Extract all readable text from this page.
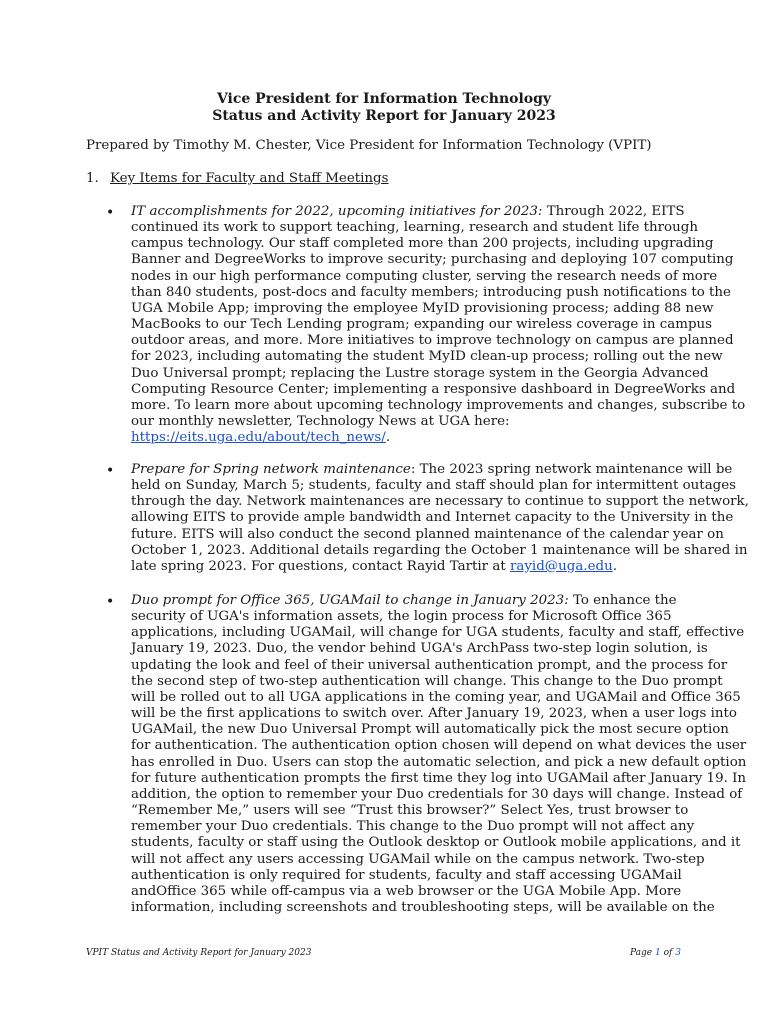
Vice President for Information Technology
Status and Activity Report for January 2023
Prepared by Timothy M. Chester, Vice President for Information Technology (VPIT)
1. Key Items for Faculty and Staff Meetings
• IT accomplishments for 2022, upcoming initiatives for 2023: Through 2022, EITS
continued its work to support teaching, learning, research and student life through
campus technology. Our staff completed more than 200 projects, including upgrading
Banner and DegreeWorks to improve security; purchasing and deploying 107 computing
nodes in our high performance computing cluster, serving the research needs of more
than 840 students, post-docs and faculty members; introducing push notifications to the
UGA Mobile App; improving the employee MyID provisioning process; adding 88 new
MacBooks to our Tech Lending program; expanding our wireless coverage in campus
outdoor areas, and more. More initiatives to improve technology on campus are planned
for 2023, including automating the student MyID clean-up process; rolling out the new
Duo Universal prompt; replacing the Lustre storage system in the Georgia Advanced
Computing Resource Center; implementing a responsive dashboard in DegreeWorks and
more. To learn more about upcoming technology improvements and changes, subscribe to
our monthly newsletter, Technology News at UGA here:
https://eits.uga.edu/about/tech_news/.
• Prepare for Spring network maintenance: The 2023 spring network maintenance will be
held on Sunday, March 5; students, faculty and staff should plan for intermittent outages
through the day. Network maintenances are necessary to continue to support the network,
allowing EITS to provide ample bandwidth and Internet capacity to the University in the
future. EITS will also conduct the second planned maintenance of the calendar year on
October 1, 2023. Additional details regarding the October 1 maintenance will be shared in
late spring 2023. For questions, contact Rayid Tartir at rayid@uga.edu.
• Duo prompt for Office 365, UGAMail to change in January 2023: To enhance the
security of UGA's information assets, the login process for Microsoft Office 365
applications, including UGAMail, will change for UGA students, faculty and staff, effective
January 19, 2023. Duo, the vendor behind UGA's ArchPass two-step login solution, is
updating the look and feel of their universal authentication prompt, and the process for
the second step of two-step authentication will change. This change to the Duo prompt
will be rolled out to all UGA applications in the coming year, and UGAMail and Office 365
will be the first applications to switch over. After January 19, 2023, when a user logs into
UGAMail, the new Duo Universal Prompt will automatically pick the most secure option
for authentication. The authentication option chosen will depend on what devices the user
has enrolled in Duo. Users can stop the automatic selection, and pick a new default option
for future authentication prompts the first time they log into UGAMail after January 19. In
addition, the option to remember your Duo credentials for 30 days will change. Instead of
“Remember Me,” users will see “Trust this browser?” Select Yes, trust browser to
remember your Duo credentials. This change to the Duo prompt will not affect any
students, faculty or staff using the Outlook desktop or Outlook mobile applications, and it
will not affect any users accessing UGAMail while on the campus network. Two-step
authentication is only required for students, faculty and staff accessing UGAMail
andOffice 365 while off-campus via a web browser or the UGA Mobile App. More
information, including screenshots and troubleshooting steps, will be available on the
VPIT Status and Activity Report for January 2023	Page 1 of 3
